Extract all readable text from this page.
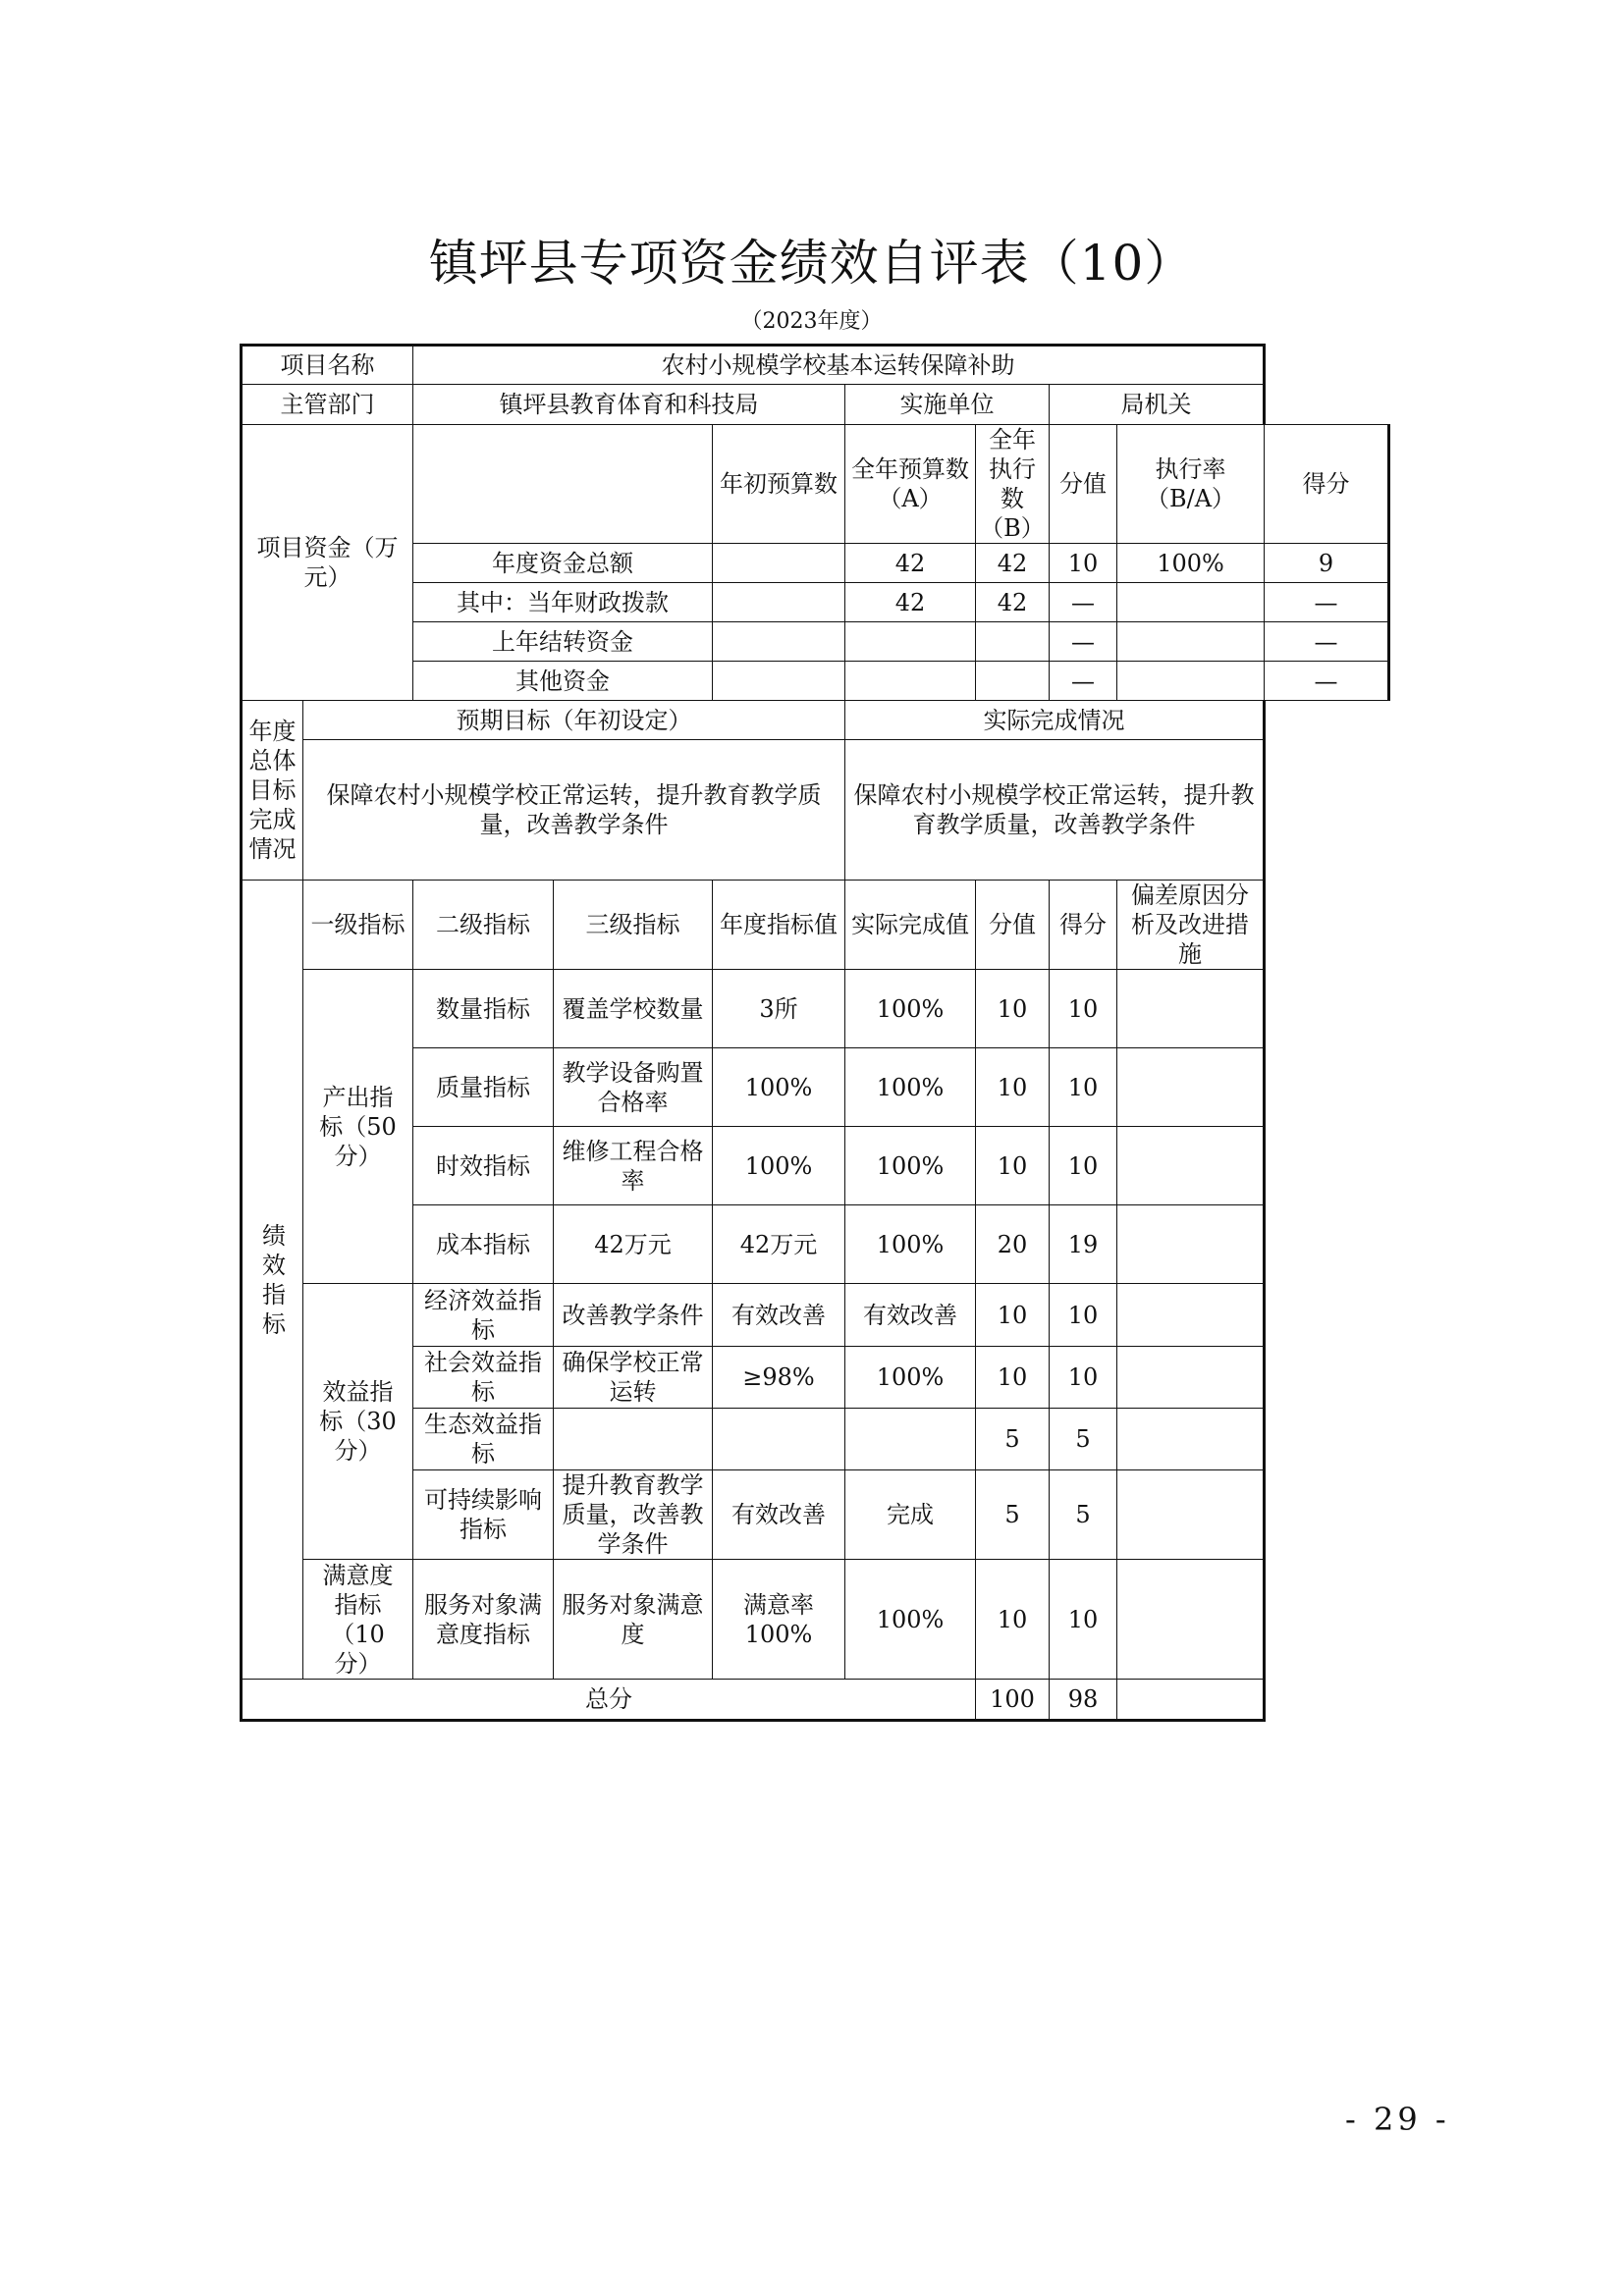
镇坪县专项资金绩效自评表（10）
（2023年度）
项目名称		农村小规模学校基本运转保障补助							
主管部门		镇坪县教育体育和科技局			实施单位		局机关		
项目资金（万元）				年初预算数	全年预算数（A）	全年执行数（B）	分值	执行率（B/A）	得分
		年度资金总额			42	42	10	100%	9
		其中：当年财政拨款			42	42	—		—
		上年结转资金					—		—
		其他资金					—		—
年度总体目标完成情况	预期目标（年初设定）				实际完成情况				
	保障农村小规模学校正常运转，提升教育教学质量，改善教学条件				保障农村小规模学校正常运转，提升教育教学质量，改善教学条件				
绩效指标	一级指标	二级指标	三级指标	年度指标值	实际完成值	分值	得分	偏差原因分析及改进措施	
	产出指标（50分）	数量指标	覆盖学校数量	3所	100%	10	10		
		质量指标	教学设备购置合格率	100%	100%	10	10		
		时效指标	维修工程合格率	100%	100%	10	10		
		成本指标	42万元	42万元	100%	20	19		
	效益指标（30分）	经济效益指标	改善教学条件	有效改善	有效改善	10	10		
		社会效益指标	确保学校正常运转	≥98%	100%	10	10		
		生态效益指标				5	5		
		可持续影响指标	提升教育教学质量，改善教学条件	有效改善	完成	5	5		
	满意度指标（10分）	服务对象满意度指标	服务对象满意度	满意率100%	100%	10	10		
总分						100	98		
- 29 -
